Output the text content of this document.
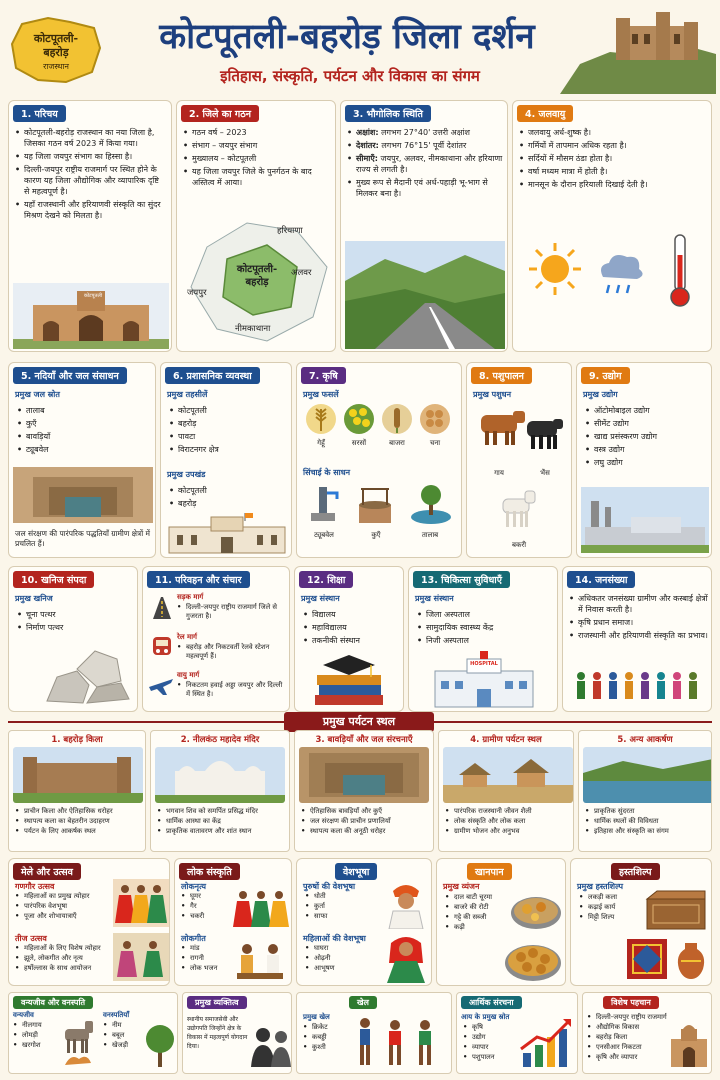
कोटपूतली-
बहरोड़
राजस्थान
कोटपूतली-बहरोड़ जिला दर्शन
इतिहास, संस्कृति, पर्यटन और विकास का संगम
1. परिचय
• कोटपूतली-बहरोड़ राजस्थान का नया जिला है, जिसका गठन वर्ष 2023 में किया गया।
• यह जिला जयपुर संभाग का हिस्सा है।
• दिल्ली-जयपुर राष्ट्रीय राजमार्ग पर स्थित होने के कारण यह जिला औद्योगिक और व्यापारिक दृष्टि से महत्वपूर्ण है।
• यहाँ राजस्थानी और हरियाणवी संस्कृति का सुंदर मिश्रण देखने को मिलता है।
कोटपूतली
2. जिले का गठन
• गठन वर्ष – 2023
• संभाग – जयपुर संभाग
• मुख्यालय – कोटपूतली
• यह जिला जयपुर जिले के पुनर्गठन के बाद अस्तित्व में आया।
कोटपूतली-
बहरोड़
हरियाणा
जयपुर
अलवर
नीमकाथाना
3. भौगोलिक स्थिति
• अक्षांश: लगभग 27°40' उत्तरी अक्षांश
• देशांतर: लगभग 76°15' पूर्वी देशांतर
• सीमाएँ: जयपुर, अलवर, नीमकाथाना और हरियाणा राज्य से लगती है।
• मुख्य रूप से मैदानी एवं अर्ध-पहाड़ी भू-भाग से मिलकर बना है।
4. जलवायु
• जलवायु अर्ध-शुष्क है।
• गर्मियों में तापमान अधिक रहता है।
• सर्दियों में मौसम ठंडा होता है।
• वर्षा मध्यम मात्रा में होती है।
• मानसून के दौरान हरियाली दिखाई देती है।
5. नदियाँ और जल संसाधन
प्रमुख जल स्रोत
• तालाब
• कुएँ
• बावड़ियाँ
• ट्यूबवेल
जल संरक्षण की पारंपरिक पद्धतियाँ ग्रामीण क्षेत्रों में प्रचलित हैं।
6. प्रशासनिक व्यवस्था
प्रमुख तहसीलें
• कोटपूतली
• बहरोड़
• पावटा
• विराटनगर क्षेत्र
प्रमुख उपखंड
• कोटपूतली
• बहरोड़
7. कृषि
प्रमुख फसलें
गेहूँ	सरसों	बाजरा	चना
सिंचाई के साधन
ट्यूबवेल	कुएँ	तालाब
8. पशुपालन
प्रमुख पशुधन
गाय	भैंस
बकरी
9. उद्योग
प्रमुख उद्योग
• ऑटोमोबाइल उद्योग
• सीमेंट उद्योग
• खाद्य प्रसंस्करण उद्योग
• वस्त्र उद्योग
• लघु उद्योग
10. खनिज संपदा
प्रमुख खनिज
• चूना पत्थर
• निर्माण पत्थर
11. परिवहन और संचार
सड़क मार्ग
• दिल्ली-जयपुर राष्ट्रीय राजमार्ग जिले से गुजरता है।
रेल मार्ग
• बहरोड़ और निकटवर्ती रेलवे स्टेशन महत्वपूर्ण हैं।
वायु मार्ग
• निकटतम हवाई अड्डा जयपुर और दिल्ली में स्थित है।
12. शिक्षा
प्रमुख संस्थान
• विद्यालय
• महाविद्यालय
• तकनीकी संस्थान
13. चिकित्सा सुविधाएँ
प्रमुख संस्थान
• जिला अस्पताल
• सामुदायिक स्वास्थ्य केंद्र
• निजी अस्पताल
HOSPITAL
14. जनसंख्या
• अधिकतर जनसंख्या ग्रामीण और कस्बाई क्षेत्रों में निवास करती है।
• कृषि प्रधान समाज।
• राजस्थानी और हरियाणवी संस्कृति का प्रभाव।
प्रमुख पर्यटन स्थल
1. बहरोड़ किला
• प्राचीन किला और ऐतिहासिक धरोहर
• स्थापत्य कला का बेहतरीन उदाहरण
• पर्यटन के लिए आकर्षक स्थल
2. नीलकंठ महादेव मंदिर
• भगवान शिव को समर्पित प्रसिद्ध मंदिर
• धार्मिक आस्था का केंद्र
• प्राकृतिक वातावरण और शांत स्थान
3. बावड़ियाँ और जल संरचनाएँ
• ऐतिहासिक बावड़ियाँ और कुएँ
• जल संरक्षण की प्राचीन प्रणालियाँ
• स्थापत्य कला की अनूठी धरोहर
4. ग्रामीण पर्यटन स्थल
• पारंपरिक राजस्थानी जीवन शैली
• लोक संस्कृति और लोक कला
• ग्रामीण भोजन और अनुभव
5. अन्य आकर्षण
• प्राकृतिक सुंदरता
• धार्मिक स्थलों की विविधता
• इतिहास और संस्कृति का संगम
मेले और उत्सव
गणगौर उत्सव
• महिलाओं का प्रमुख त्योहार
• पारंपरिक वेशभूषा
• पूजा और शोभायात्राएँ
तीज उत्सव
• महिलाओं के लिए विशेष त्योहार
• झूले, लोकगीत और नृत्य
• हर्षोल्लास के साथ आयोजन
लोक संस्कृति
लोकनृत्य
• घूमर
• गैर
• चकरी
लोकगीत
• मांड
• रागनी
• लोक भजन
वेशभूषा
पुरुषों की वेशभूषा
• धोती
• कुर्ता
• साफा
महिलाओं की वेशभूषा
• घाघरा
• ओढ़नी
• आभूषण
खानपान
प्रमुख व्यंजन
• दाल बाटी चूरमा
• बाजरे की रोटी
• गट्टे की सब्जी
• कढ़ी
हस्तशिल्प
प्रमुख हस्तशिल्प
• लकड़ी कला
• कढ़ाई कार्य
• मिट्टी शिल्प
वन्यजीव और वनस्पति
वन्यजीव
• नीलगाय
• लोमड़ी
• खरगोश
वनस्पतियाँ
• नीम
• बबूल
• खेजड़ी
प्रमुख व्यक्तित्व
स्थानीय समाजसेवी और उद्योगपति जिन्होंने क्षेत्र के विकास में महत्वपूर्ण योगदान दिया।
खेल
प्रमुख खेल
• क्रिकेट
• कबड्डी
• कुश्ती
आर्थिक संरचना
आय के प्रमुख स्रोत
• कृषि
• उद्योग
• व्यापार
• पशुपालन
विशेष पहचान
• दिल्ली-जयपुर राष्ट्रीय राजमार्ग
• औद्योगिक विकास
• बहरोड़ किला
• एनसीआर निकटता
• कृषि और व्यापार
